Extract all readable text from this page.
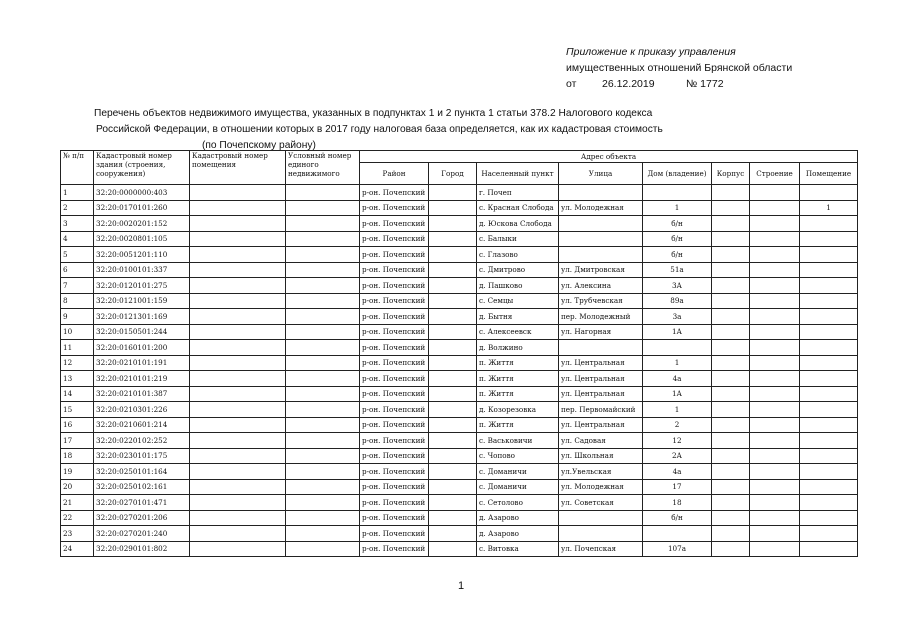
Приложение к приказу управления
имущественных отношений Брянской области
от 26.12.2019	№ 1772
Перечень объектов недвижимого имущества, указанных в подпунктах 1 и 2 пункта 1 статьи 378.2 Налогового кодекса
Российской Федерации, в отношении которых в 2017 году налоговая база определяется, как их кадастровая стоимость
(по Почепскому району)
№ п/п	Кадастровый номер здания (строения, сооружения)	Кадастровый номер помещения	Условный номер единого недвижимого	Адрес объекта							
				Район	Город	Населенный пункт	Улица	Дом (владение)	Корпус	Строение	Помещение
1	32:20:0000000:403			р-он. Почепский		г. Почеп					
2	32:20:0170101:260			р-он. Почепский		с. Красная Слобода	ул. Молодежная	1			1
3	32:20:0020201:152			р-он. Почепский		д. Юскова Слобода		б/н			
4	32:20:0020801:105			р-он. Почепский		с. Балыки		б/н			
5	32:20:0051201:110			р-он. Почепский		с. Глазово		б/н			
6	32:20:0100101:337			р-он. Почепский		с. Дмитрово	ул. Дмитровская	51а			
7	32:20:0120101:275			р-он. Почепский		д. Пашково	ул. Алексина	3А			
8	32:20:0121001:159			р-он. Почепский		с. Семцы	ул. Трубчевская	89а			
9	32:20:0121301:169			р-он. Почепский		д. Бытня	пер. Молодежный	3а			
10	32:20:0150501:244			р-он. Почепский		с. Алексеевск	ул. Нагорная	1А			
11	32:20:0160101:200			р-он. Почепский		д. Волжино					
12	32:20:0210101:191			р-он. Почепский		п. Життя	ул. Центральная	1			
13	32:20:0210101:219			р-он. Почепский		п. Життя	ул. Центральная	4а			
14	32:20:0210101:387			р-он. Почепский		п. Життя	ул. Центральная	1А			
15	32:20:0210301:226			р-он. Почепский		д. Козорезовка	пер. Первомайский	1			
16	32:20:0210601:214			р-он. Почепский		п. Життя	ул. Центральная	2			
17	32:20:0220102:252			р-он. Почепский		с. Васьковичи	ул. Садовая	12			
18	32:20:0230101:175			р-он. Почепский		с. Чопово	ул. Школьная	2А			
19	32:20:0250101:164			р-он. Почепский		с. Доманичи	ул.Увельская	4а			
20	32:20:0250102:161			р-он. Почепский		с. Доманичи	ул. Молодежная	17			
21	32:20:0270101:471			р-он. Почепский		с. Сетолово	ул. Советская	18			
22	32:20:0270201:206			р-он. Почепский		д. Азарово		б/н			
23	32:20:0270201:240			р-он. Почепский		д. Азарово					
24	32:20:0290101:802			р-он. Почепский		с. Витовка	ул. Почепская	107а			
1
